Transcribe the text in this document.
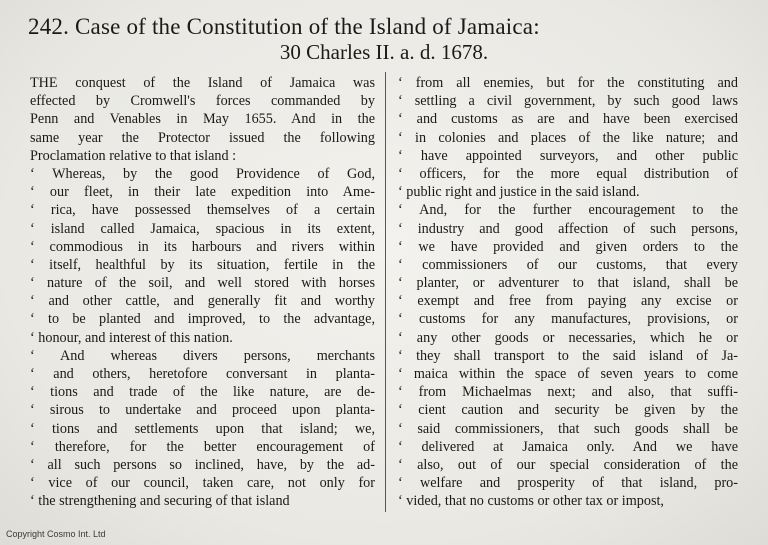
242. Case of the Constitution of the Island of Jamaica:
30 Charles II. a. d. 1678.
THE conquest of the Island of Jamaica was
effected by Cromwell's forces commanded by
Penn and Venables in May 1655. And in the
same year the Protector issued the following
Proclamation relative to that island :
‘ Whereas, by the good Providence of God,
‘ our fleet, in their late expedition into Ame-
‘ rica, have possessed themselves of a certain
‘ island called Jamaica, spacious in its extent,
‘ commodious in its harbours and rivers within
‘ itself, healthful by its situation, fertile in the
‘ nature of the soil, and well stored with horses
‘ and other cattle, and generally fit and worthy
‘ to be planted and improved, to the advantage,
‘ honour, and interest of this nation.
‘ And whereas divers persons, merchants
‘ and others, heretofore conversant in planta-
‘ tions and trade of the like nature, are de-
‘ sirous to undertake and proceed upon planta-
‘ tions and settlements upon that island; we,
‘ therefore, for the better encouragement of
‘ all such persons so inclined, have, by the ad-
‘ vice of our council, taken care, not only for
‘ the strengthening and securing of that island
‘ from all enemies, but for the constituting and
‘ settling a civil government, by such good laws
‘ and customs as are and have been exercised
‘ in colonies and places of the like nature; and
‘ have appointed surveyors, and other public
‘ officers, for the more equal distribution of
‘ public right and justice in the said island.
‘ And, for the further encouragement to the
‘ industry and good affection of such persons,
‘ we have provided and given orders to the
‘ commissioners of our customs, that every
‘ planter, or adventurer to that island, shall be
‘ exempt and free from paying any excise or
‘ customs for any manufactures, provisions, or
‘ any other goods or necessaries, which he or
‘ they shall transport to the said island of Ja-
‘ maica within the space of seven years to come
‘ from Michaelmas next; and also, that suffi-
‘ cient caution and security be given by the
‘ said commissioners, that such goods shall be
‘ delivered at Jamaica only. And we have
‘ also, out of our special consideration of the
‘ welfare and prosperity of that island, pro-
‘ vided, that no customs or other tax or impost,
Copyright Cosmo Int. Ltd
